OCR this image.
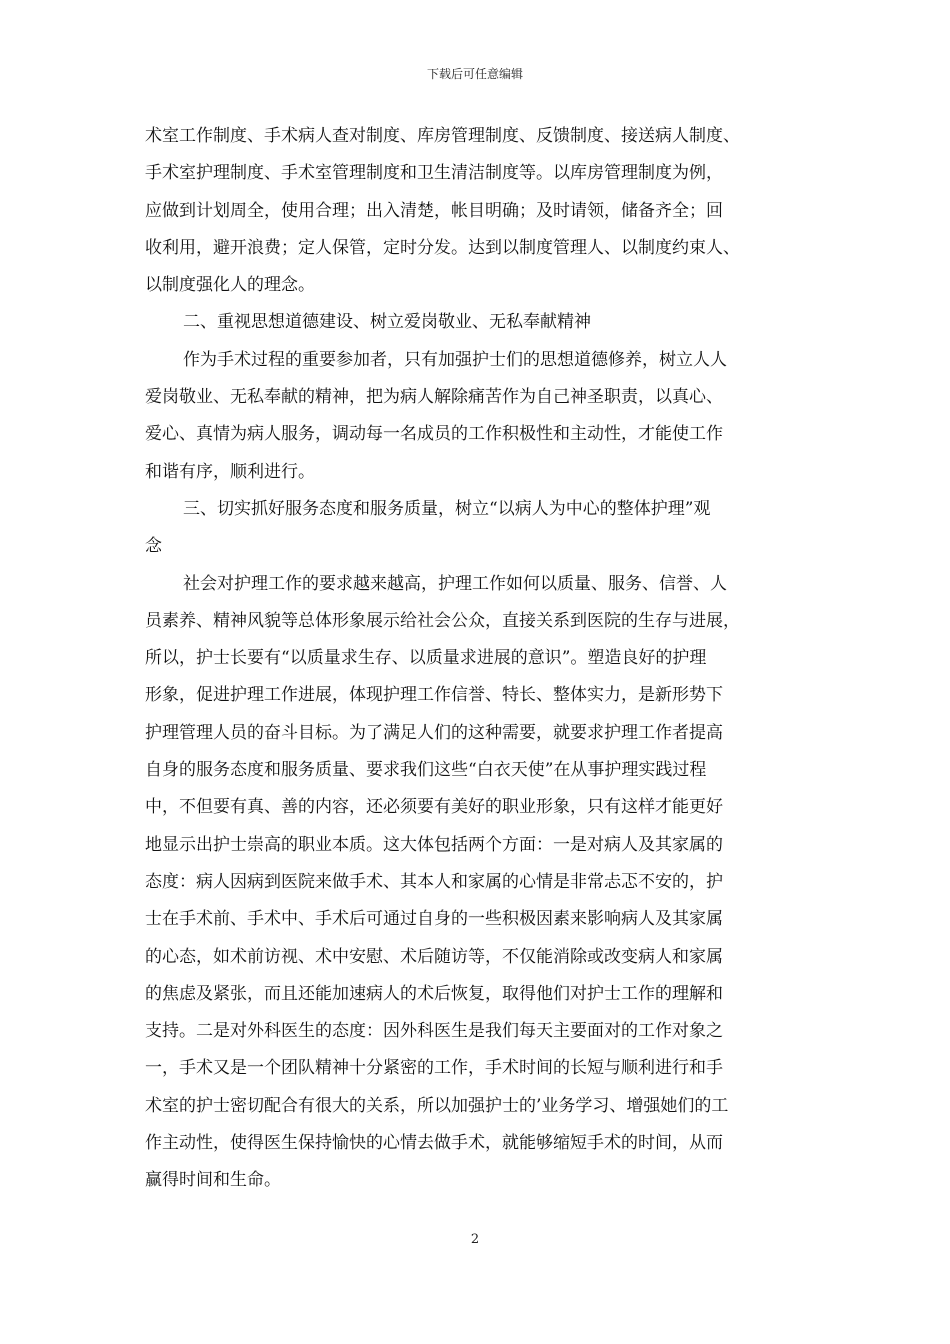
下载后可任意编辑
术室工作制度、手术病人查对制度、库房管理制度、反馈制度、接送病人制度、
手术室护理制度、手术室管理制度和卫生清洁制度等。以库房管理制度为例，
应做到计划周全，使用合理；出入清楚，帐目明确；及时请领，储备齐全；回
收利用，避开浪费；定人保管，定时分发。达到以制度管理人、以制度约束人、
以制度强化人的理念。
二、重视思想道德建设、树立爱岗敬业、无私奉献精神
作为手术过程的重要参加者，只有加强护士们的思想道德修养，树立人人
爱岗敬业、无私奉献的精神，把为病人解除痛苦作为自己神圣职责，以真心、
爱心、真情为病人服务，调动每一名成员的工作积极性和主动性，才能使工作
和谐有序，顺利进行。
三、切实抓好服务态度和服务质量，树立“以病人为中心的整体护理”观
念
社会对护理工作的要求越来越高，护理工作如何以质量、服务、信誉、人
员素养、精神风貌等总体形象展示给社会公众，直接关系到医院的生存与进展，
所以，护士长要有“以质量求生存、以质量求进展的意识”。塑造良好的护理
形象，促进护理工作进展，体现护理工作信誉、特长、整体实力，是新形势下
护理管理人员的奋斗目标。为了满足人们的这种需要，就要求护理工作者提高
自身的服务态度和服务质量、要求我们这些“白衣天使”在从事护理实践过程
中，不但要有真、善的内容，还必须要有美好的职业形象，只有这样才能更好
地显示出护士崇高的职业本质。这大体包括两个方面：一是对病人及其家属的
态度：病人因病到医院来做手术、其本人和家属的心情是非常忐忑不安的，护
士在手术前、手术中、手术后可通过自身的一些积极因素来影响病人及其家属
的心态，如术前访视、术中安慰、术后随访等，不仅能消除或改变病人和家属
的焦虑及紧张，而且还能加速病人的术后恢复，取得他们对护士工作的理解和
支持。二是对外科医生的态度：因外科医生是我们每天主要面对的工作对象之
一，手术又是一个团队精神十分紧密的工作，手术时间的长短与顺利进行和手
术室的护士密切配合有很大的关系，所以加强护士的’业务学习、增强她们的工
作主动性，使得医生保持愉快的心情去做手术，就能够缩短手术的时间，从而
赢得时间和生命。
2
